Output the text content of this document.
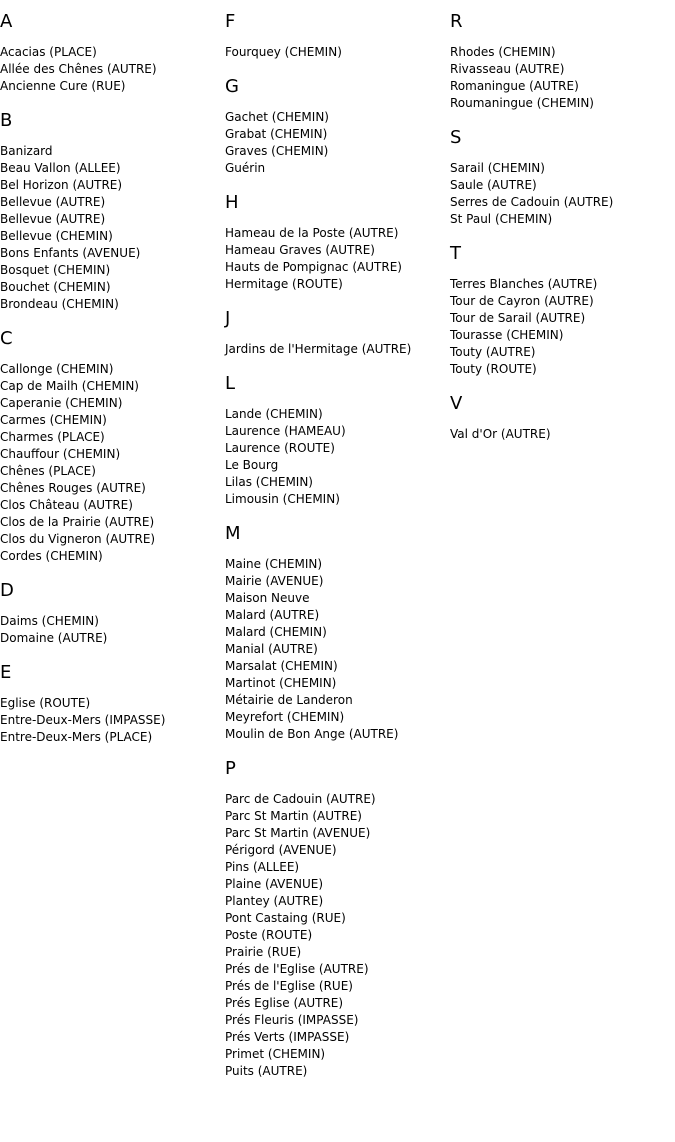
A
Acacias (PLACE)
Allée des Chênes (AUTRE)
Ancienne Cure (RUE)
B
Banizard
Beau Vallon (ALLEE)
Bel Horizon (AUTRE)
Bellevue (AUTRE)
Bellevue (AUTRE)
Bellevue (CHEMIN)
Bons Enfants (AVENUE)
Bosquet (CHEMIN)
Bouchet (CHEMIN)
Brondeau (CHEMIN)
C
Callonge (CHEMIN)
Cap de Mailh (CHEMIN)
Caperanie (CHEMIN)
Carmes (CHEMIN)
Charmes (PLACE)
Chauffour (CHEMIN)
Chênes (PLACE)
Chênes Rouges (AUTRE)
Clos Château (AUTRE)
Clos de la Prairie (AUTRE)
Clos du Vigneron (AUTRE)
Cordes (CHEMIN)
D
Daims (CHEMIN)
Domaine (AUTRE)
E
Eglise (ROUTE)
Entre-Deux-Mers (IMPASSE)
Entre-Deux-Mers (PLACE)
F
Fourquey (CHEMIN)
G
Gachet (CHEMIN)
Grabat (CHEMIN)
Graves (CHEMIN)
Guérin
H
Hameau de la Poste (AUTRE)
Hameau Graves (AUTRE)
Hauts de Pompignac (AUTRE)
Hermitage (ROUTE)
J
Jardins de l'Hermitage (AUTRE)
L
Lande (CHEMIN)
Laurence (HAMEAU)
Laurence (ROUTE)
Le Bourg
Lilas (CHEMIN)
Limousin (CHEMIN)
M
Maine (CHEMIN)
Mairie (AVENUE)
Maison Neuve
Malard (AUTRE)
Malard (CHEMIN)
Manial (AUTRE)
Marsalat (CHEMIN)
Martinot (CHEMIN)
Métairie de Landeron
Meyrefort (CHEMIN)
Moulin de Bon Ange (AUTRE)
P
Parc de Cadouin (AUTRE)
Parc St Martin (AUTRE)
Parc St Martin (AVENUE)
Périgord (AVENUE)
Pins (ALLEE)
Plaine (AVENUE)
Plantey (AUTRE)
Pont Castaing (RUE)
Poste (ROUTE)
Prairie (RUE)
Prés de l'Eglise (AUTRE)
Prés de l'Eglise (RUE)
Prés Eglise (AUTRE)
Prés Fleuris (IMPASSE)
Prés Verts (IMPASSE)
Primet (CHEMIN)
Puits (AUTRE)
R
Rhodes (CHEMIN)
Rivasseau (AUTRE)
Romaningue (AUTRE)
Roumaningue (CHEMIN)
S
Sarail (CHEMIN)
Saule (AUTRE)
Serres de Cadouin (AUTRE)
St Paul (CHEMIN)
T
Terres Blanches (AUTRE)
Tour de Cayron (AUTRE)
Tour de Sarail (AUTRE)
Tourasse (CHEMIN)
Touty (AUTRE)
Touty (ROUTE)
V
Val d'Or (AUTRE)
